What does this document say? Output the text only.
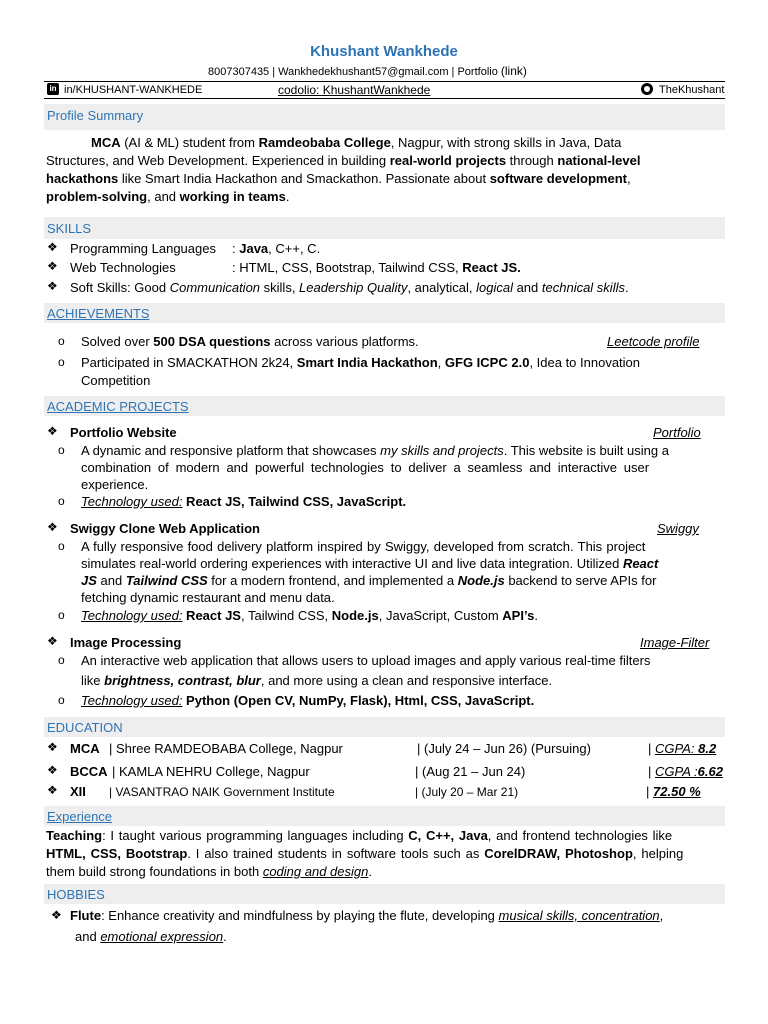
Khushant Wankhede
8007307435 | Wankhedekhushant57@gmail.com | Portfolio (link)
in in/KHUSHANT-WANKHEDE	codolio: KhushantWankhede	TheKhushant
Profile Summary
MCA (AI & ML) student from Ramdeobaba College, Nagpur, with strong skills in Java, Data
Structures, and Web Development. Experienced in building real-world projects through national-level
hackathons like Smart India Hackathon and Smackathon. Passionate about software development,
problem-solving, and working in teams.
SKILLS
❖ Programming Languages : Java, C++, C.
❖ Web Technologies	: HTML, CSS, Bootstrap, Tailwind CSS, React JS.
❖ Soft Skills: Good Communication skills, Leadership Quality, analytical, logical and technical skills.
ACHIEVEMENTS
o Solved over 500 DSA questions across various platforms.	Leetcode profile
o Participated in SMACKATHON 2k24, Smart India Hackathon, GFG ICPC 2.0, Idea to Innovation
Competition
ACADEMIC PROJECTS
❖ Portfolio Website	Portfolio
o A dynamic and responsive platform that showcases my skills and projects. This website is built using a
combination of modern and powerful technologies to deliver a seamless and interactive user
experience.
o Technology used: React JS, Tailwind CSS, JavaScript.
❖ Swiggy Clone Web Application	Swiggy
o A fully responsive food delivery platform inspired by Swiggy, developed from scratch. This project
simulates real-world ordering experiences with interactive UI and live data integration. Utilized React
JS and Tailwind CSS for a modern frontend, and implemented a Node.js backend to serve APIs for
fetching dynamic restaurant and menu data.
o Technology used: React JS, Tailwind CSS, Node.js, JavaScript, Custom API’s.
❖ Image Processing	Image-Filter
o An interactive web application that allows users to upload images and apply various real-time filters
like brightness, contrast, blur, and more using a clean and responsive interface.
o Technology used: Python (Open CV, NumPy, Flask), Html, CSS, JavaScript.
EDUCATION
❖ MCA | Shree RAMDEOBABA College, Nagpur	| (July 24 – Jun 26) (Pursuing)	| CGPA: 8.2
❖ BCCA | KAMLA NEHRU College, Nagpur	| (Aug 21 – Jun 24)	| CGPA :6.62
❖ XII | VASANTRAO NAIK Government Institute	| (July 20 – Mar 21)	| 72.50 %
Experience
Teaching: I taught various programming languages including C, C++, Java, and frontend technologies like
HTML, CSS, Bootstrap. I also trained students in software tools such as CorelDRAW, Photoshop, helping
them build strong foundations in both coding and design.
HOBBIES
❖ Flute: Enhance creativity and mindfulness by playing the flute, developing musical skills, concentration,
and emotional expression.
